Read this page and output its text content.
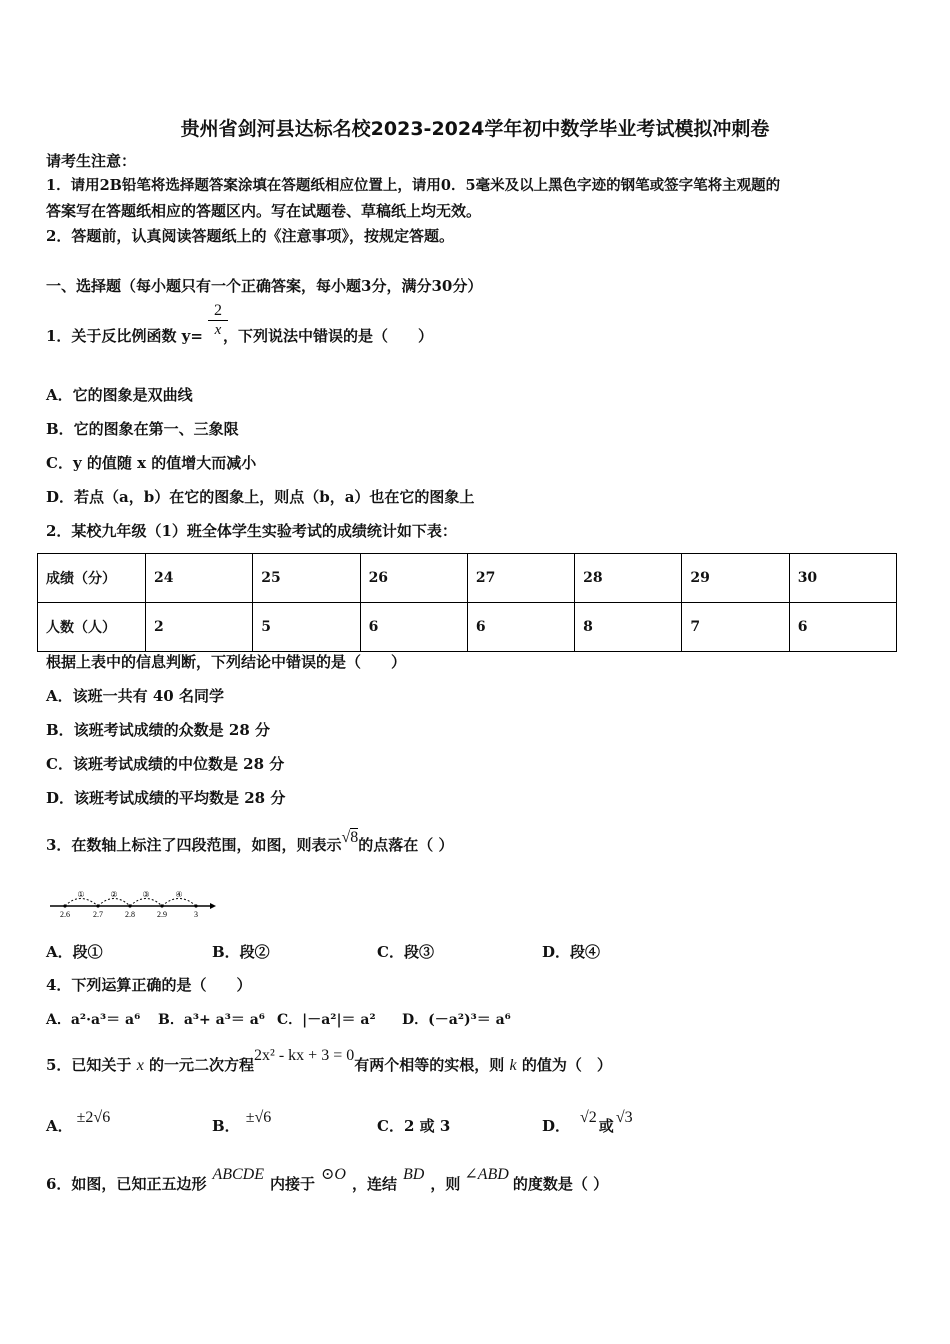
贵州省剑河县达标名校2023-2024学年初中数学毕业考试模拟冲刺卷
请考生注意：
1．请用2B铅笔将选择题答案涂填在答题纸相应位置上，请用0．5毫米及以上黑色字迹的钢笔或签字笔将主观题的
答案写在答题纸相应的答题区内。写在试题卷、草稿纸上均无效。
2．答题前，认真阅读答题纸上的《注意事项》，按规定答题。
一、选择题（每小题只有一个正确答案，每小题3分，满分30分）
1．关于反比例函数 y= ，下列说法中错误的是（　　）
$\frac{2}{x}$
A．它的图象是双曲线
B．它的图象在第一、三象限
C．y 的值随 x 的值增大而减小
D．若点（a，b）在它的图象上，则点（b，a）也在它的图象上
2．某校九年级（1）班全体学生实验考试的成绩统计如下表：
成绩（分）	24	25	26	27	28	29	30
人数（人）	2	5	6	6	8	7	6
根据上表中的信息判断，下列结论中错误的是（　　）
A．该班一共有 40 名同学
B．该班考试成绩的众数是 28 分
C．该班考试成绩的中位数是 28 分
D．该班考试成绩的平均数是 28 分
3．在数轴上标注了四段范围，如图，则表示√8的点落在（ ）
①	②	③	④
2.6	2.7	2.8	2.9	3
A．段①	B．段②	C．段③	D．段④
4．下列运算正确的是（　　）
A．a²·a³＝ a⁶ B．a³+ a³＝ a⁶ C．|－a²|＝ a² D．(－a²)³＝ a⁶
5．已知关于 x 的一元二次方程2x² - kx + 3 = 0有两个相等的实根，则 k 的值为（　）
A． ±2√6	B． ±√6	C．2 或 3	D． √2 或 √3
6．如图，已知正五边形ABCDE内接于⊙O，连结BD，则∠ABD的度数是（ ）
